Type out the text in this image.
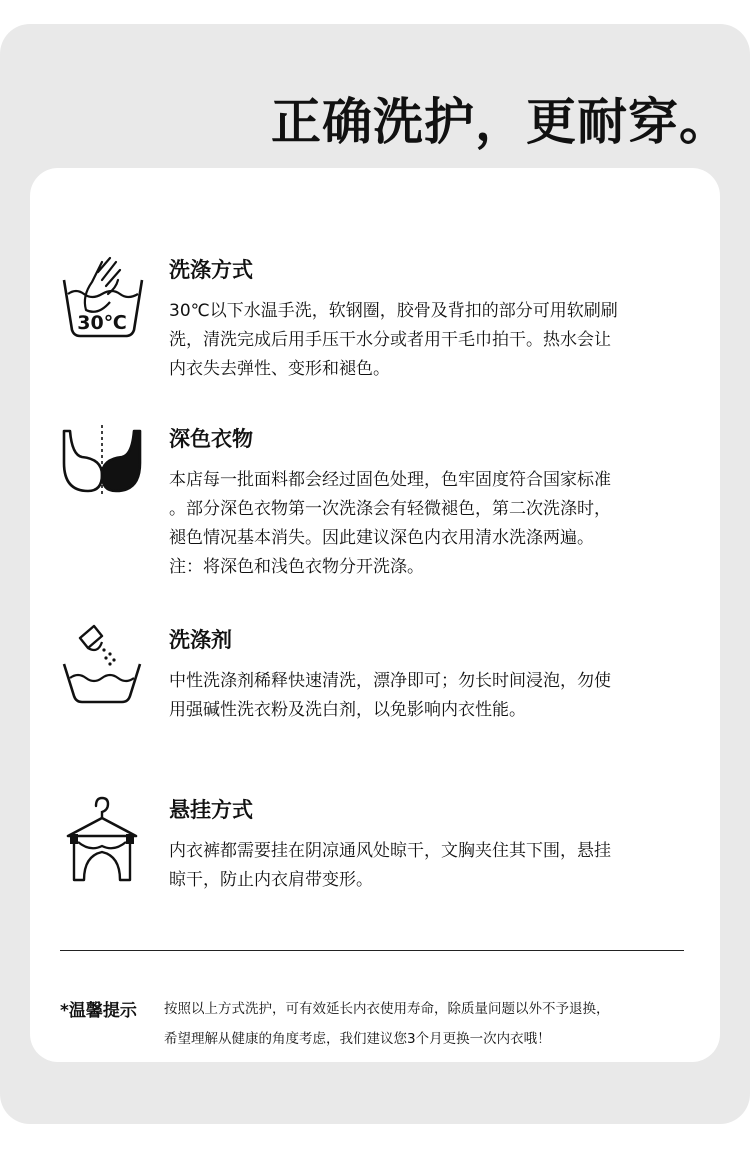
正确洗护，更耐穿。
30℃
洗涤方式

30℃以下水温手洗，软钢圈，胶骨及背扣的部分可用软刷刷

洗，清洗完成后用手压干水分或者用干毛巾拍干。热水会让

内衣失去弹性、变形和褪色。

深色衣物

本店每一批面料都会经过固色处理，色牢固度符合国家标准

。部分深色衣物第一次洗涤会有轻微褪色，第二次洗涤时，

褪色情况基本消失。因此建议深色内衣用清水洗涤两遍。

注：将深色和浅色衣物分开洗涤。

洗涤剂

中性洗涤剂稀释快速清洗，漂净即可；勿长时间浸泡，勿使

用强碱性洗衣粉及洗白剂，以免影响内衣性能。

悬挂方式

内衣裤都需要挂在阴凉通风处晾干，文胸夹住其下围，悬挂

晾干，防止内衣肩带变形。

*温馨提示 按照以上方式洗护，可有效延长内衣使用寿命，除质量问题以外不予退换，

希望理解从健康的角度考虑，我们建议您3个月更换一次内衣哦！
